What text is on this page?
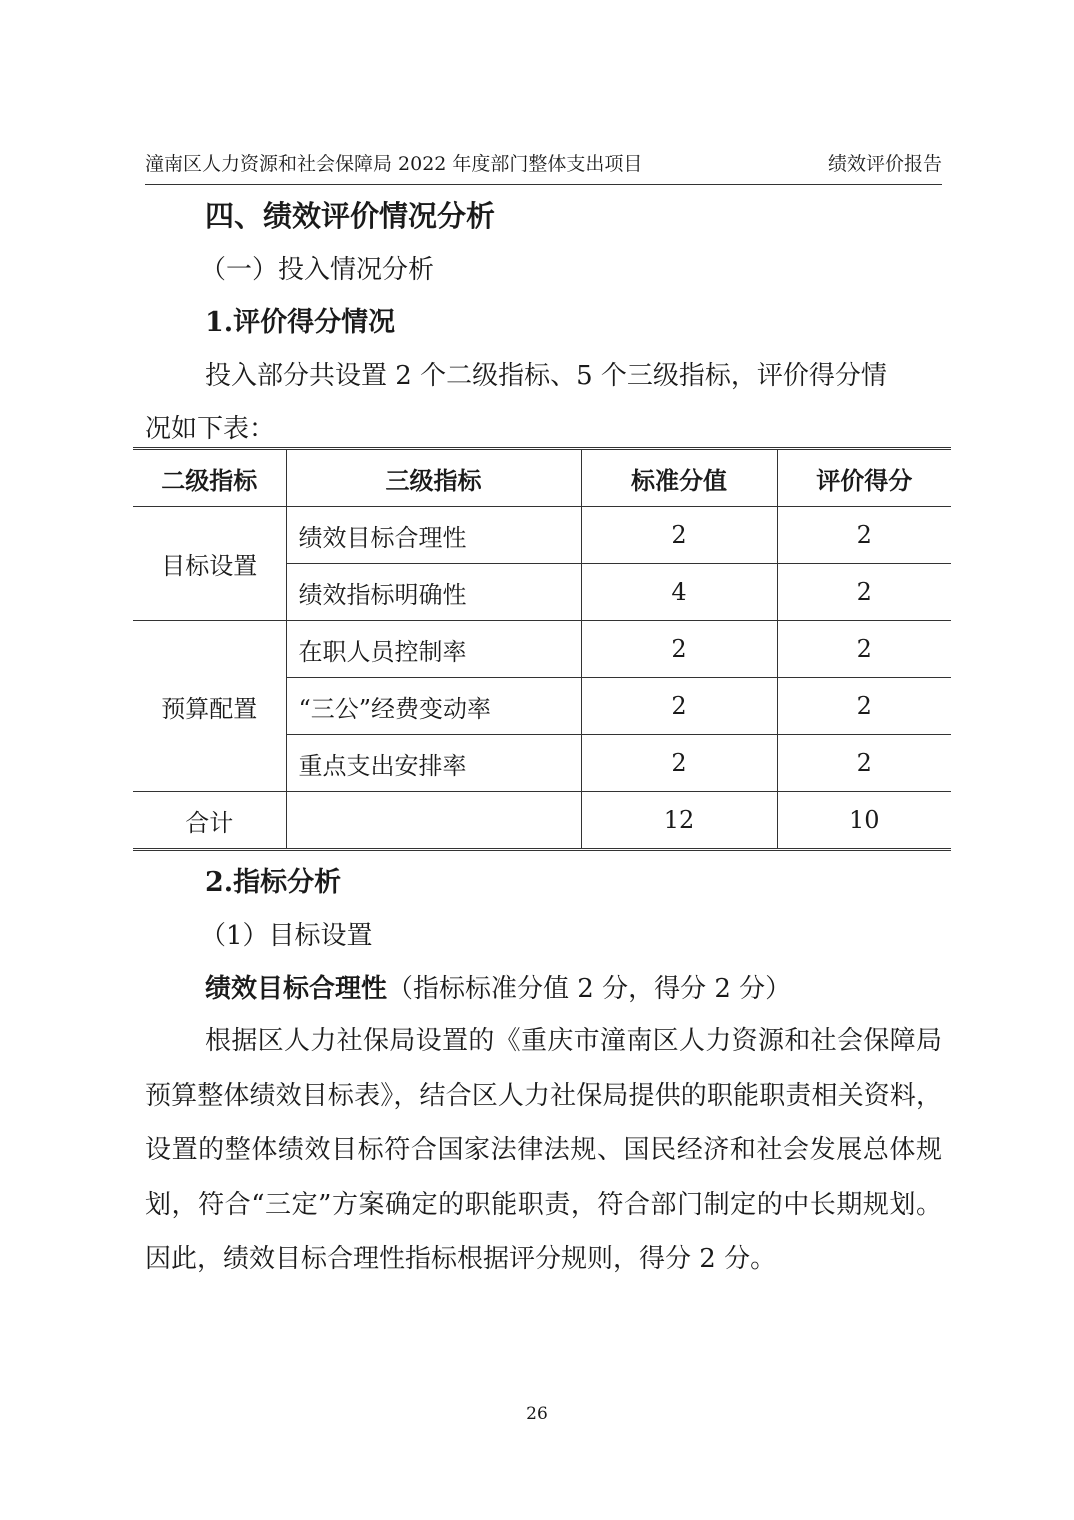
潼南区人力资源和社会保障局 2022 年度部门整体支出项目	绩效评价报告
四、绩效评价情况分析
（一）投入情况分析
1.评价得分情况
投入部分共设置 2 个二级指标、5 个三级指标，评价得分情
况如下表：
二级指标	三级指标	标准分值	评价得分
目标设置	绩效目标合理性	2	2
	绩效指标明确性	4	2
预算配置	在职人员控制率	2	2
	“三公”经费变动率	2	2
	重点支出安排率	2	2
合计		12	10
2.指标分析
（1）目标设置
绩效目标合理性（指标标准分值 2 分，得分 2 分）

根据区人力社保局设置的《重庆市潼南区人力资源和社会保障局预算整体绩效目标表》，结合区人力社保局提供的职能职责相关资料，设置的整体绩效目标符合国家法律法规、国民经济和社会发展总体规划，符合“三定”方案确定的职能职责，符合部门制定的中长期规划。因此，绩效目标合理性指标根据评分规则，得分 2 分。

26
